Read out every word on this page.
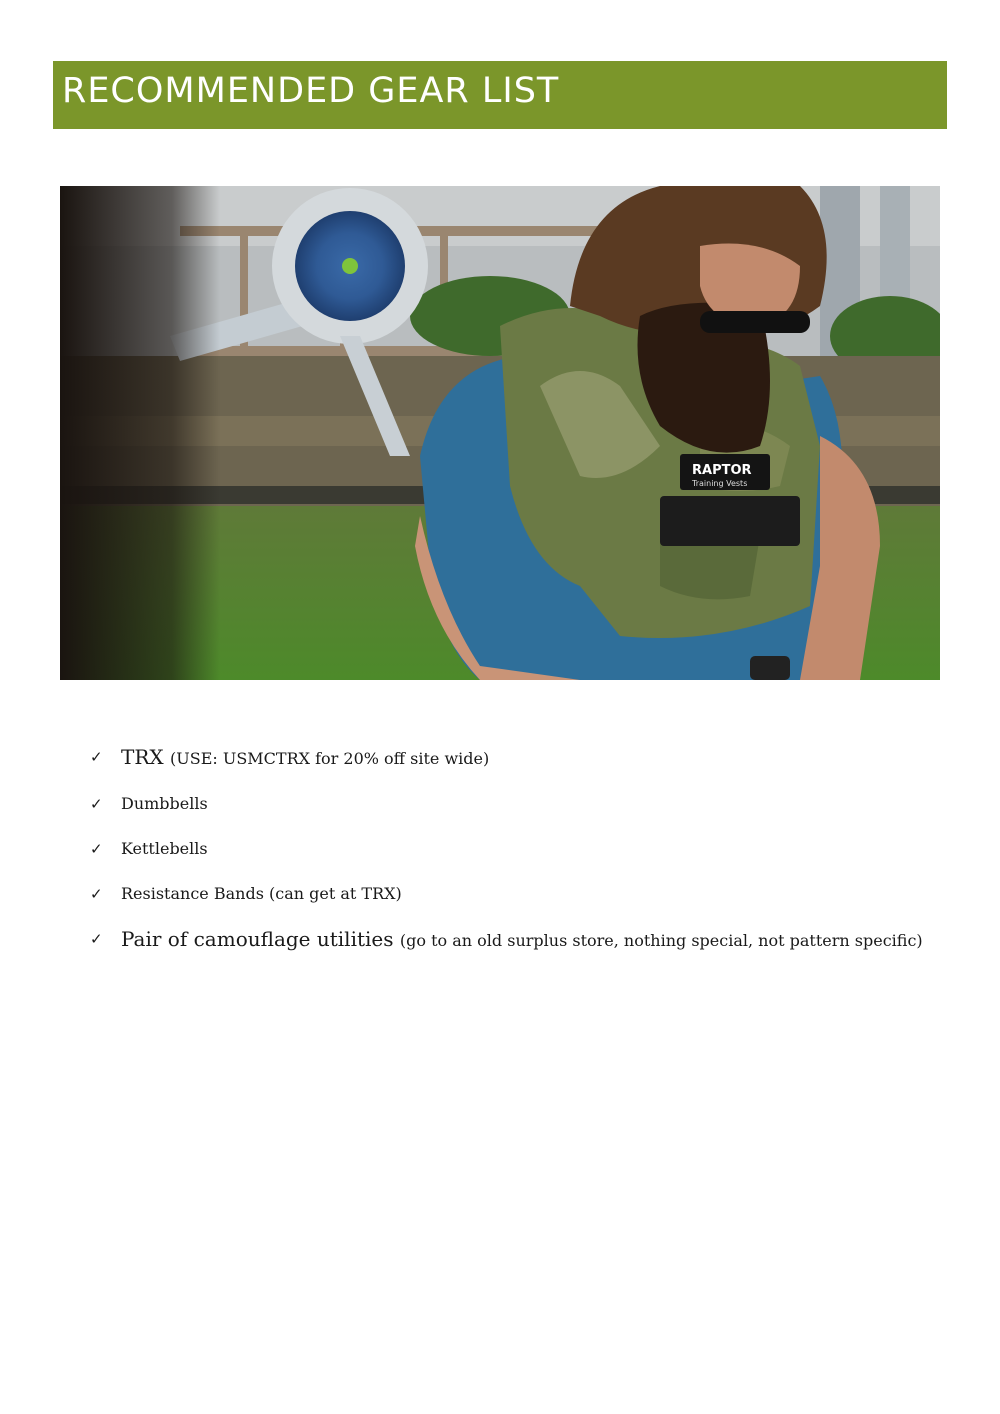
RECOMMENDED GEAR LIST
RAPTOR
Training Vests
✓ TRX (USE: USMCTRX for 20% off site wide)
✓ Dumbbells
✓ Kettlebells
✓ Resistance Bands (can get at TRX)
✓ Pair of camouflage utilities (go to an old surplus store, nothing special, not pattern specific)
